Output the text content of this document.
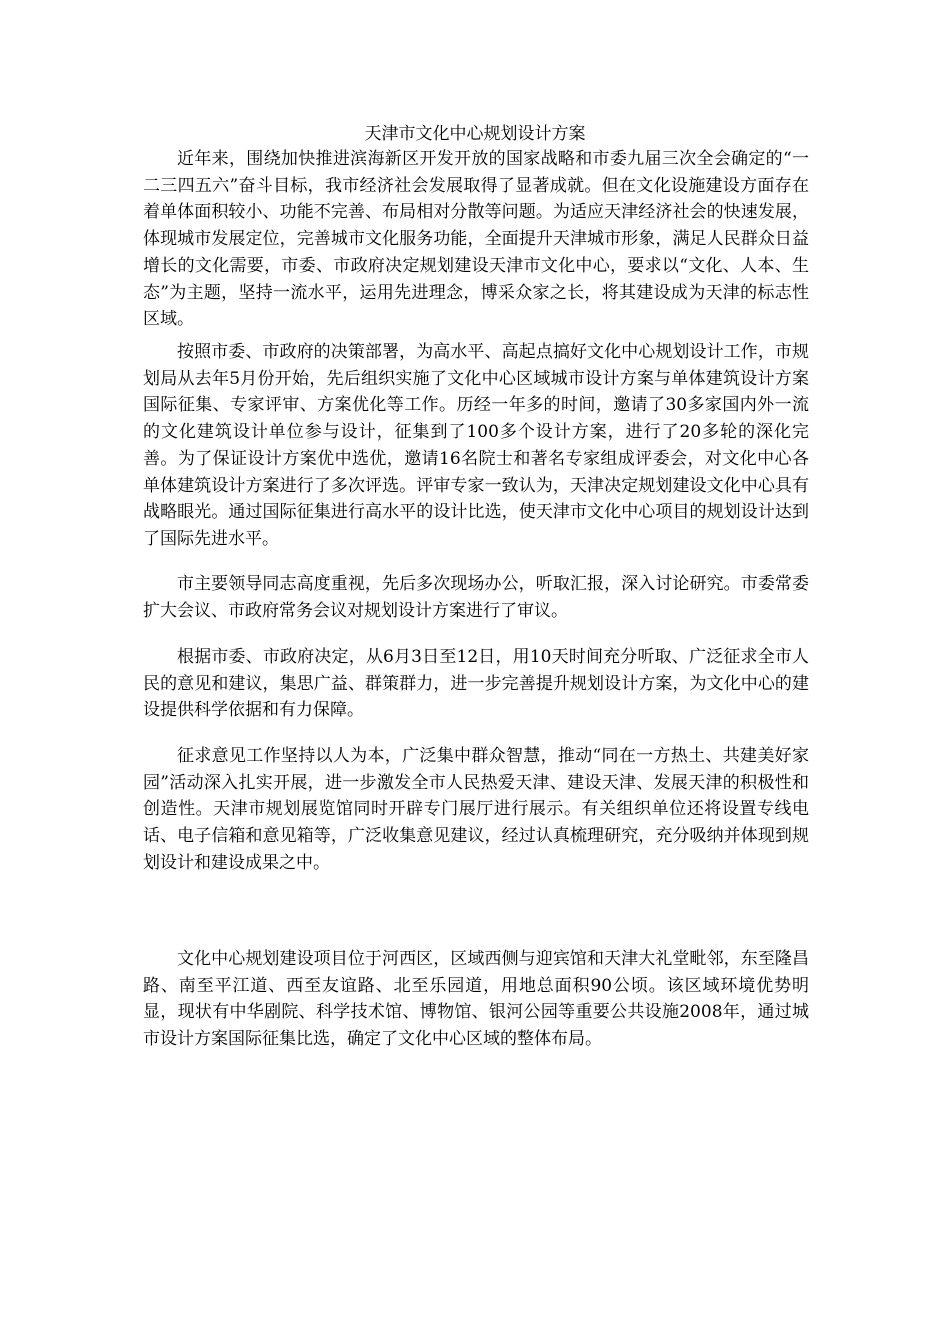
天津市文化中心规划设计方案

近年来，围绕加快推进滨海新区开发开放的国家战略和市委九届三次全会确定的“一二三四五六”奋斗目标，我市经济社会发展取得了显著成就。但在文化设施建设方面存在着单体面积较小、功能不完善、布局相对分散等问题。为适应天津经济社会的快速发展，体现城市发展定位，完善城市文化服务功能，全面提升天津城市形象，满足人民群众日益增长的文化需要，市委、市政府决定规划建设天津市文化中心，要求以“文化、人本、生态”为主题，坚持一流水平，运用先进理念，博采众家之长，将其建设成为天津的标志性区域。

按照市委、市政府的决策部署，为高水平、高起点搞好文化中心规划设计工作，市规划局从去年5月份开始，先后组织实施了文化中心区域城市设计方案与单体建筑设计方案国际征集、专家评审、方案优化等工作。历经一年多的时间，邀请了30多家国内外一流的文化建筑设计单位参与设计，征集到了100多个设计方案，进行了20多轮的深化完善。为了保证设计方案优中选优，邀请16名院士和著名专家组成评委会，对文化中心各单体建筑设计方案进行了多次评选。评审专家一致认为，天津决定规划建设文化中心具有战略眼光。通过国际征集进行高水平的设计比选，使天津市文化中心项目的规划设计达到了国际先进水平。

市主要领导同志高度重视，先后多次现场办公，听取汇报，深入讨论研究。市委常委扩大会议、市政府常务会议对规划设计方案进行了审议。

根据市委、市政府决定，从6月3日至12日，用10天时间充分听取、广泛征求全市人民的意见和建议，集思广益、群策群力，进一步完善提升规划设计方案，为文化中心的建设提供科学依据和有力保障。

征求意见工作坚持以人为本，广泛集中群众智慧，推动“同在一方热土、共建美好家园”活动深入扎实开展，进一步激发全市人民热爱天津、建设天津、发展天津的积极性和创造性。天津市规划展览馆同时开辟专门展厅进行展示。有关组织单位还将设置专线电话、电子信箱和意见箱等，广泛收集意见建议，经过认真梳理研究，充分吸纳并体现到规划设计和建设成果之中。

文化中心规划建设项目位于河西区，区域西侧与迎宾馆和天津大礼堂毗邻，东至隆昌路、南至平江道、西至友谊路、北至乐园道，用地总面积90公顷。该区域环境优势明显，现状有中华剧院、科学技术馆、博物馆、银河公园等重要公共设施2008年，通过城市设计方案国际征集比选，确定了文化中心区域的整体布局。
